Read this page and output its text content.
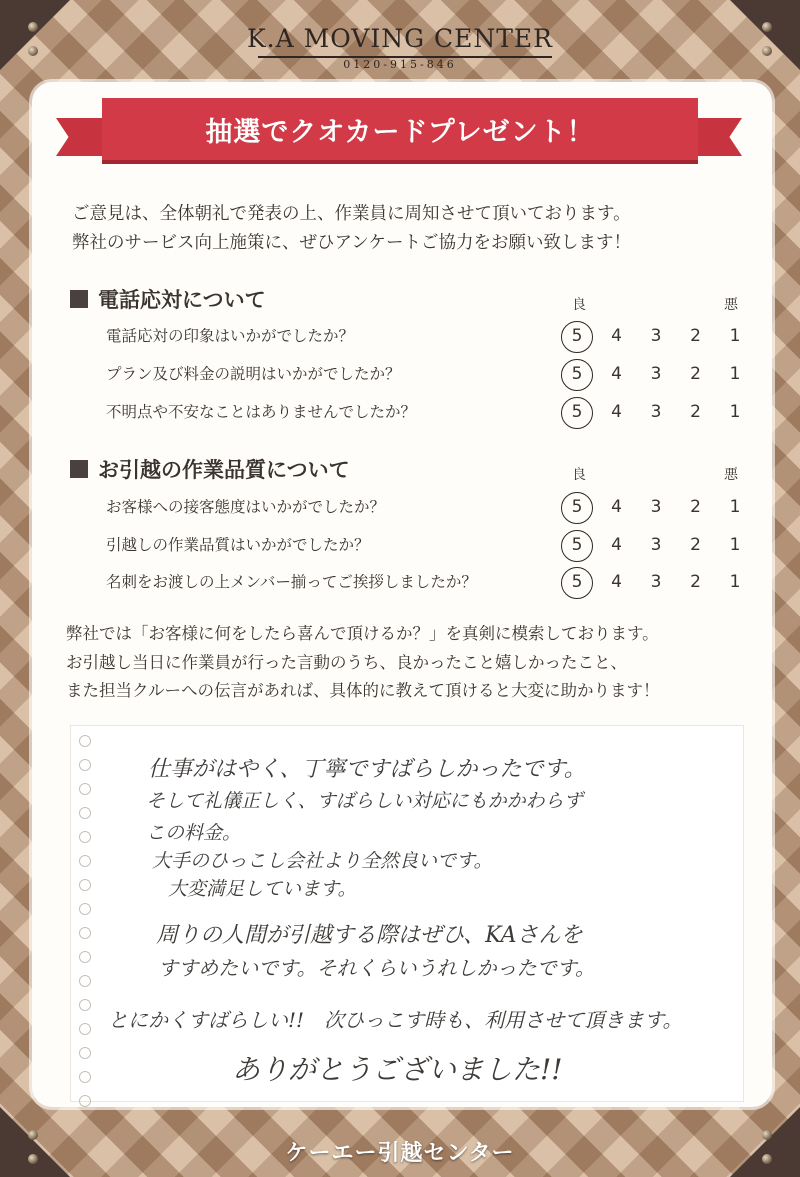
K.A MOVING CENTER
0120-915-846
抽選でクオカードプレゼント！
ご意見は、全体朝礼で発表の上、作業員に周知させて頂いております。
弊社のサービス向上施策に、ぜひアンケートご協力をお願い致します！
電話応対について	良	悪
電話応対の印象はいかがでしたか？	5 4 3 2 1
プラン及び料金の説明はいかがでしたか？	5 4 3 2 1
不明点や不安なことはありませんでしたか？	5 4 3 2 1
お引越の作業品質について	良	悪
お客様への接客態度はいかがでしたか？	5 4 3 2 1
引越しの作業品質はいかがでしたか？	5 4 3 2 1
名刺をお渡しの上メンバー揃ってご挨拶しましたか？	5 4 3 2 1
弊社では「お客様に何をしたら喜んで頂けるか？」を真剣に模索しております。
お引越し当日に作業員が行った言動のうち、良かったこと嬉しかったこと、
また担当クルーへの伝言があれば、具体的に教えて頂けると大変に助かります！
仕事がはやく、丁寧ですばらしかったです。
そして礼儀正しく、すばらしい対応にもかかわらず
この料金。
大手のひっこし会社より全然良いです。
大変満足しています。
周りの人間が引越する際はぜひ、KAさんを
すすめたいです。それくらいうれしかったです。
とにかくすばらしい!!　次ひっこす時も、利用させて頂きます。
ありがとうございました!!
ケーエー引越センター
